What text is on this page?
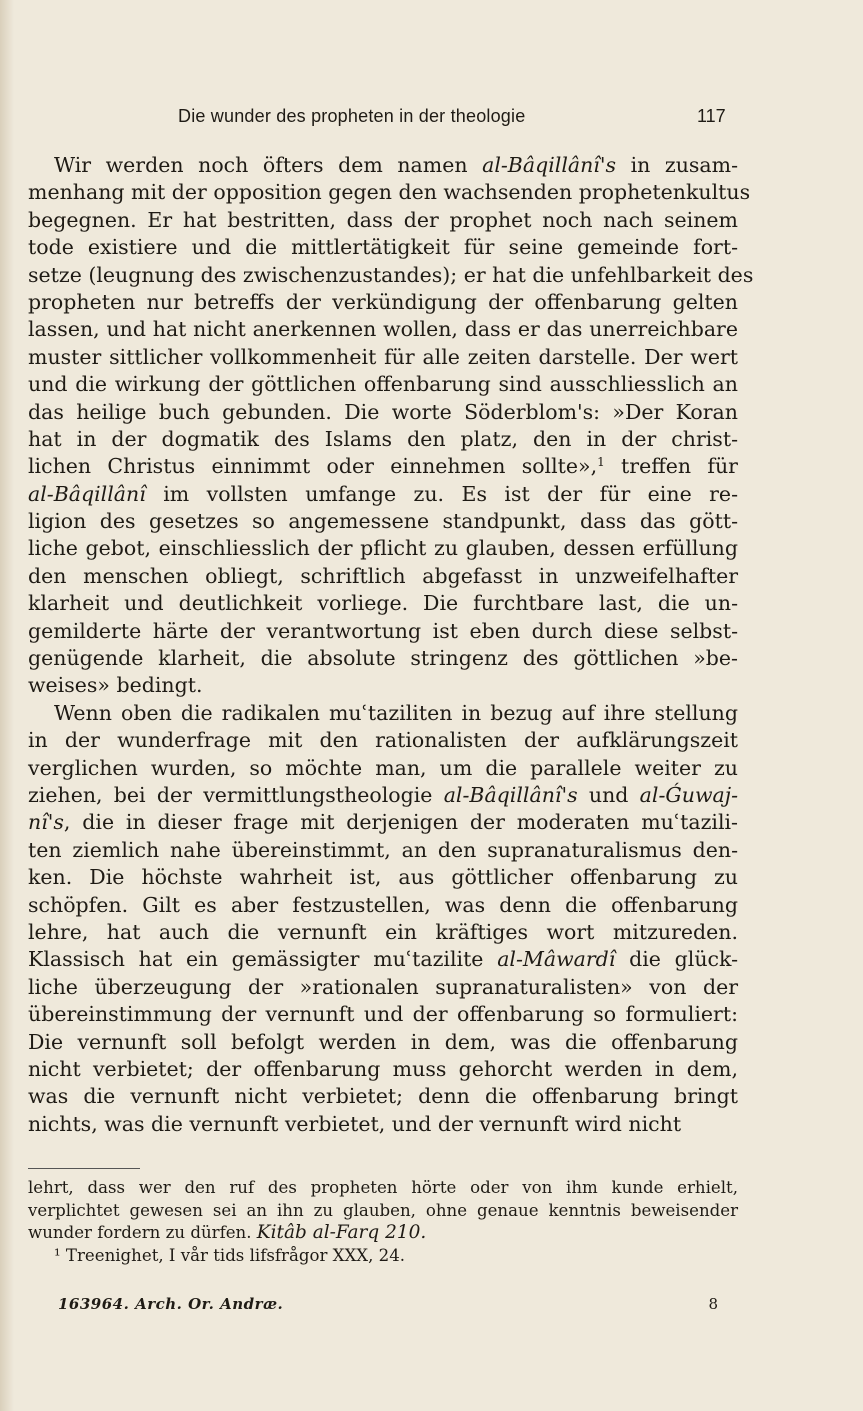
Die wunder des propheten in der theologie	117
Wir werden noch öfters dem namen al-Bâqillânî's in zusam-
menhang mit der opposition gegen den wachsenden prophetenkultus
begegnen. Er hat bestritten, dass der prophet noch nach seinem
tode existiere und die mittlertätigkeit für seine gemeinde fort-
setze (leugnung des zwischenzustandes); er hat die unfehlbarkeit des
propheten nur betreffs der verkündigung der offenbarung gelten
lassen, und hat nicht anerkennen wollen, dass er das unerreichbare
muster sittlicher vollkommenheit für alle zeiten darstelle. Der wert
und die wirkung der göttlichen offenbarung sind ausschliesslich an
das heilige buch gebunden. Die worte Söderblom's: »Der Koran
hat in der dogmatik des Islams den platz, den in der christ-
lichen Christus einnimmt oder einnehmen sollte»,$^1$ treffen für
al-Bâqillânî im vollsten umfange zu. Es ist der für eine re-
ligion des gesetzes so angemessene standpunkt, dass das gött-
liche gebot, einschliesslich der pflicht zu glauben, dessen erfüllung
den menschen obliegt, schriftlich abgefasst in unzweifelhafter
klarheit und deutlichkeit vorliege. Die furchtbare last, die un-
gemilderte härte der verantwortung ist eben durch diese selbst-
genügende klarheit, die absolute stringenz des göttlichen »be-
weises» bedingt.
Wenn oben die radikalen muʿtaziliten in bezug auf ihre stellung
in der wunderfrage mit den rationalisten der aufklärungszeit
verglichen wurden, so möchte man, um die parallele weiter zu
ziehen, bei der vermittlungstheologie al-Bâqillânî's und al-Ǵuwaj-
nî's, die in dieser frage mit derjenigen der moderaten muʿtazili-
ten ziemlich nahe übereinstimmt, an den supranaturalismus den-
ken. Die höchste wahrheit ist, aus göttlicher offenbarung zu
schöpfen. Gilt es aber festzustellen, was denn die offenbarung
lehre, hat auch die vernunft ein kräftiges wort mitzureden.
Klassisch hat ein gemässigter muʿtazilite al-Mâwardî die glück-
liche überzeugung der »rationalen supranaturalisten» von der
übereinstimmung der vernunft und der offenbarung so formuliert:
Die vernunft soll befolgt werden in dem, was die offenbarung
nicht verbietet; der offenbarung muss gehorcht werden in dem,
was die vernunft nicht verbietet; denn die offenbarung bringt
nichts, was die vernunft verbietet, und der vernunft wird nicht
lehrt, dass wer den ruf des propheten hörte oder von ihm kunde erhielt,
verplichtet gewesen sei an ihn zu glauben, ohne genaue kenntnis beweisender
wunder fordern zu dürfen. Kitâb al-Farq 210.
¹ Treenighet, I vår tids lifsfrågor XXX, 24.
163964. Arch. Or. Andræ.	8
